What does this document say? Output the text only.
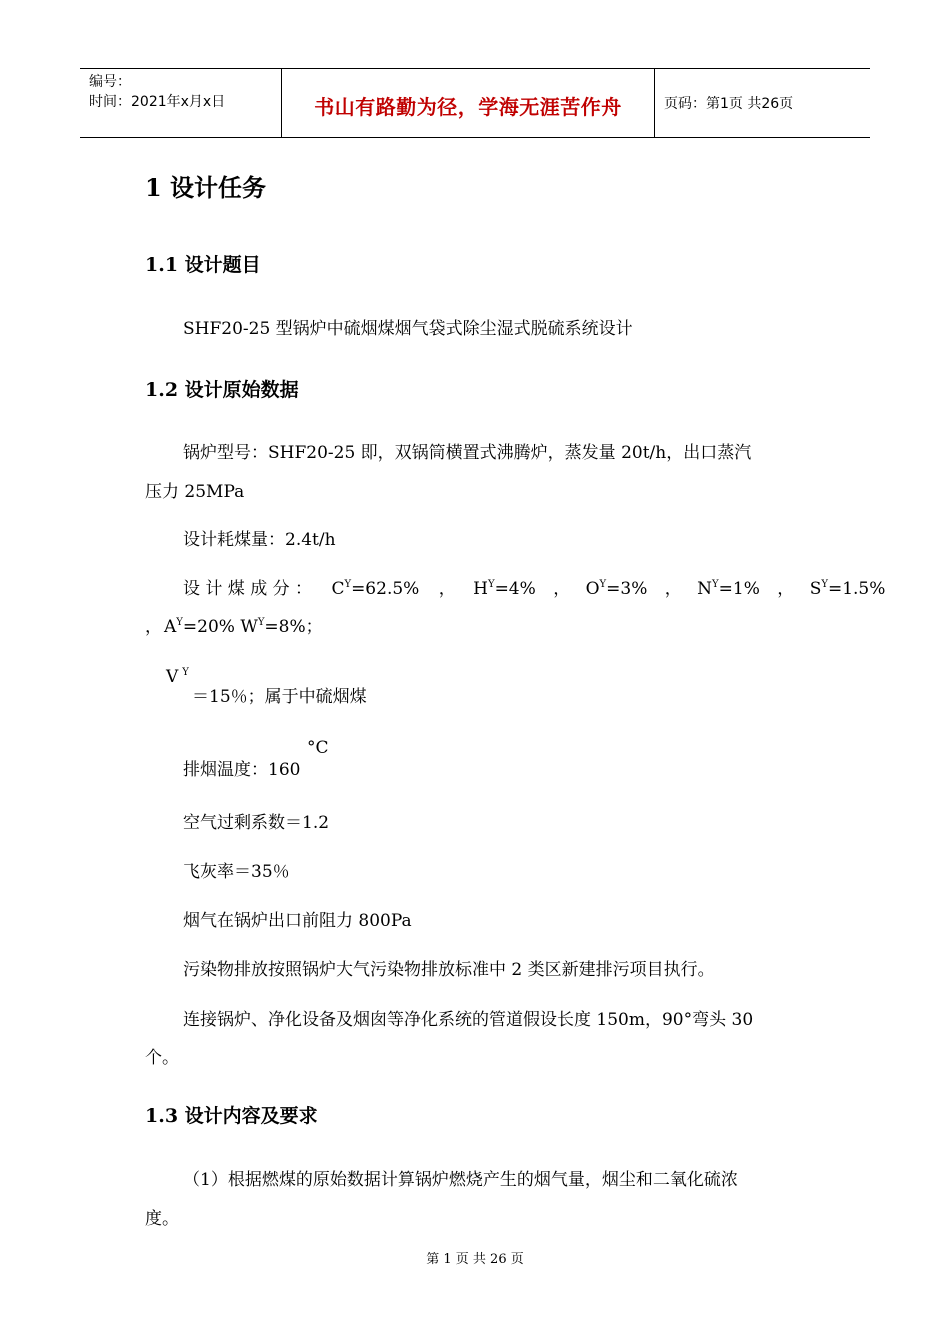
编号：
时间：2021年x月x日	书山有路勤为径，学海无涯苦作舟	页码：第1页 共26页
1 设计任务
1.1 设计题目
SHF20-25 型锅炉中硫烟煤烟气袋式除尘湿式脱硫系统设计
1.2 设计原始数据
锅炉型号：SHF20-25 即，双锅筒横置式沸腾炉，蒸发量 20t/h，出口蒸汽
压力 25MPa
设计耗煤量：2.4t/h
设 计 煤 成 分 ： $C^Y=62.5\%$ ， $H^Y=4\%$ ， $O^Y=3\%$ ， $N^Y=1\%$ ， $S^Y=1.5\%$
， $A^Y=20\%$ $W^Y=8\%$；
V $^Y$
＝15％；属于中硫烟煤
°C
排烟温度：160
空气过剩系数＝1.2
飞灰率＝35％
烟气在锅炉出口前阻力 800Pa
污染物排放按照锅炉大气污染物排放标准中 2 类区新建排污项目执行。
连接锅炉、净化设备及烟囱等净化系统的管道假设长度 150m，90°弯头 30
个。
1.3 设计内容及要求
（1）根据燃煤的原始数据计算锅炉燃烧产生的烟气量，烟尘和二氧化硫浓
度。
第 1 页 共 26 页
